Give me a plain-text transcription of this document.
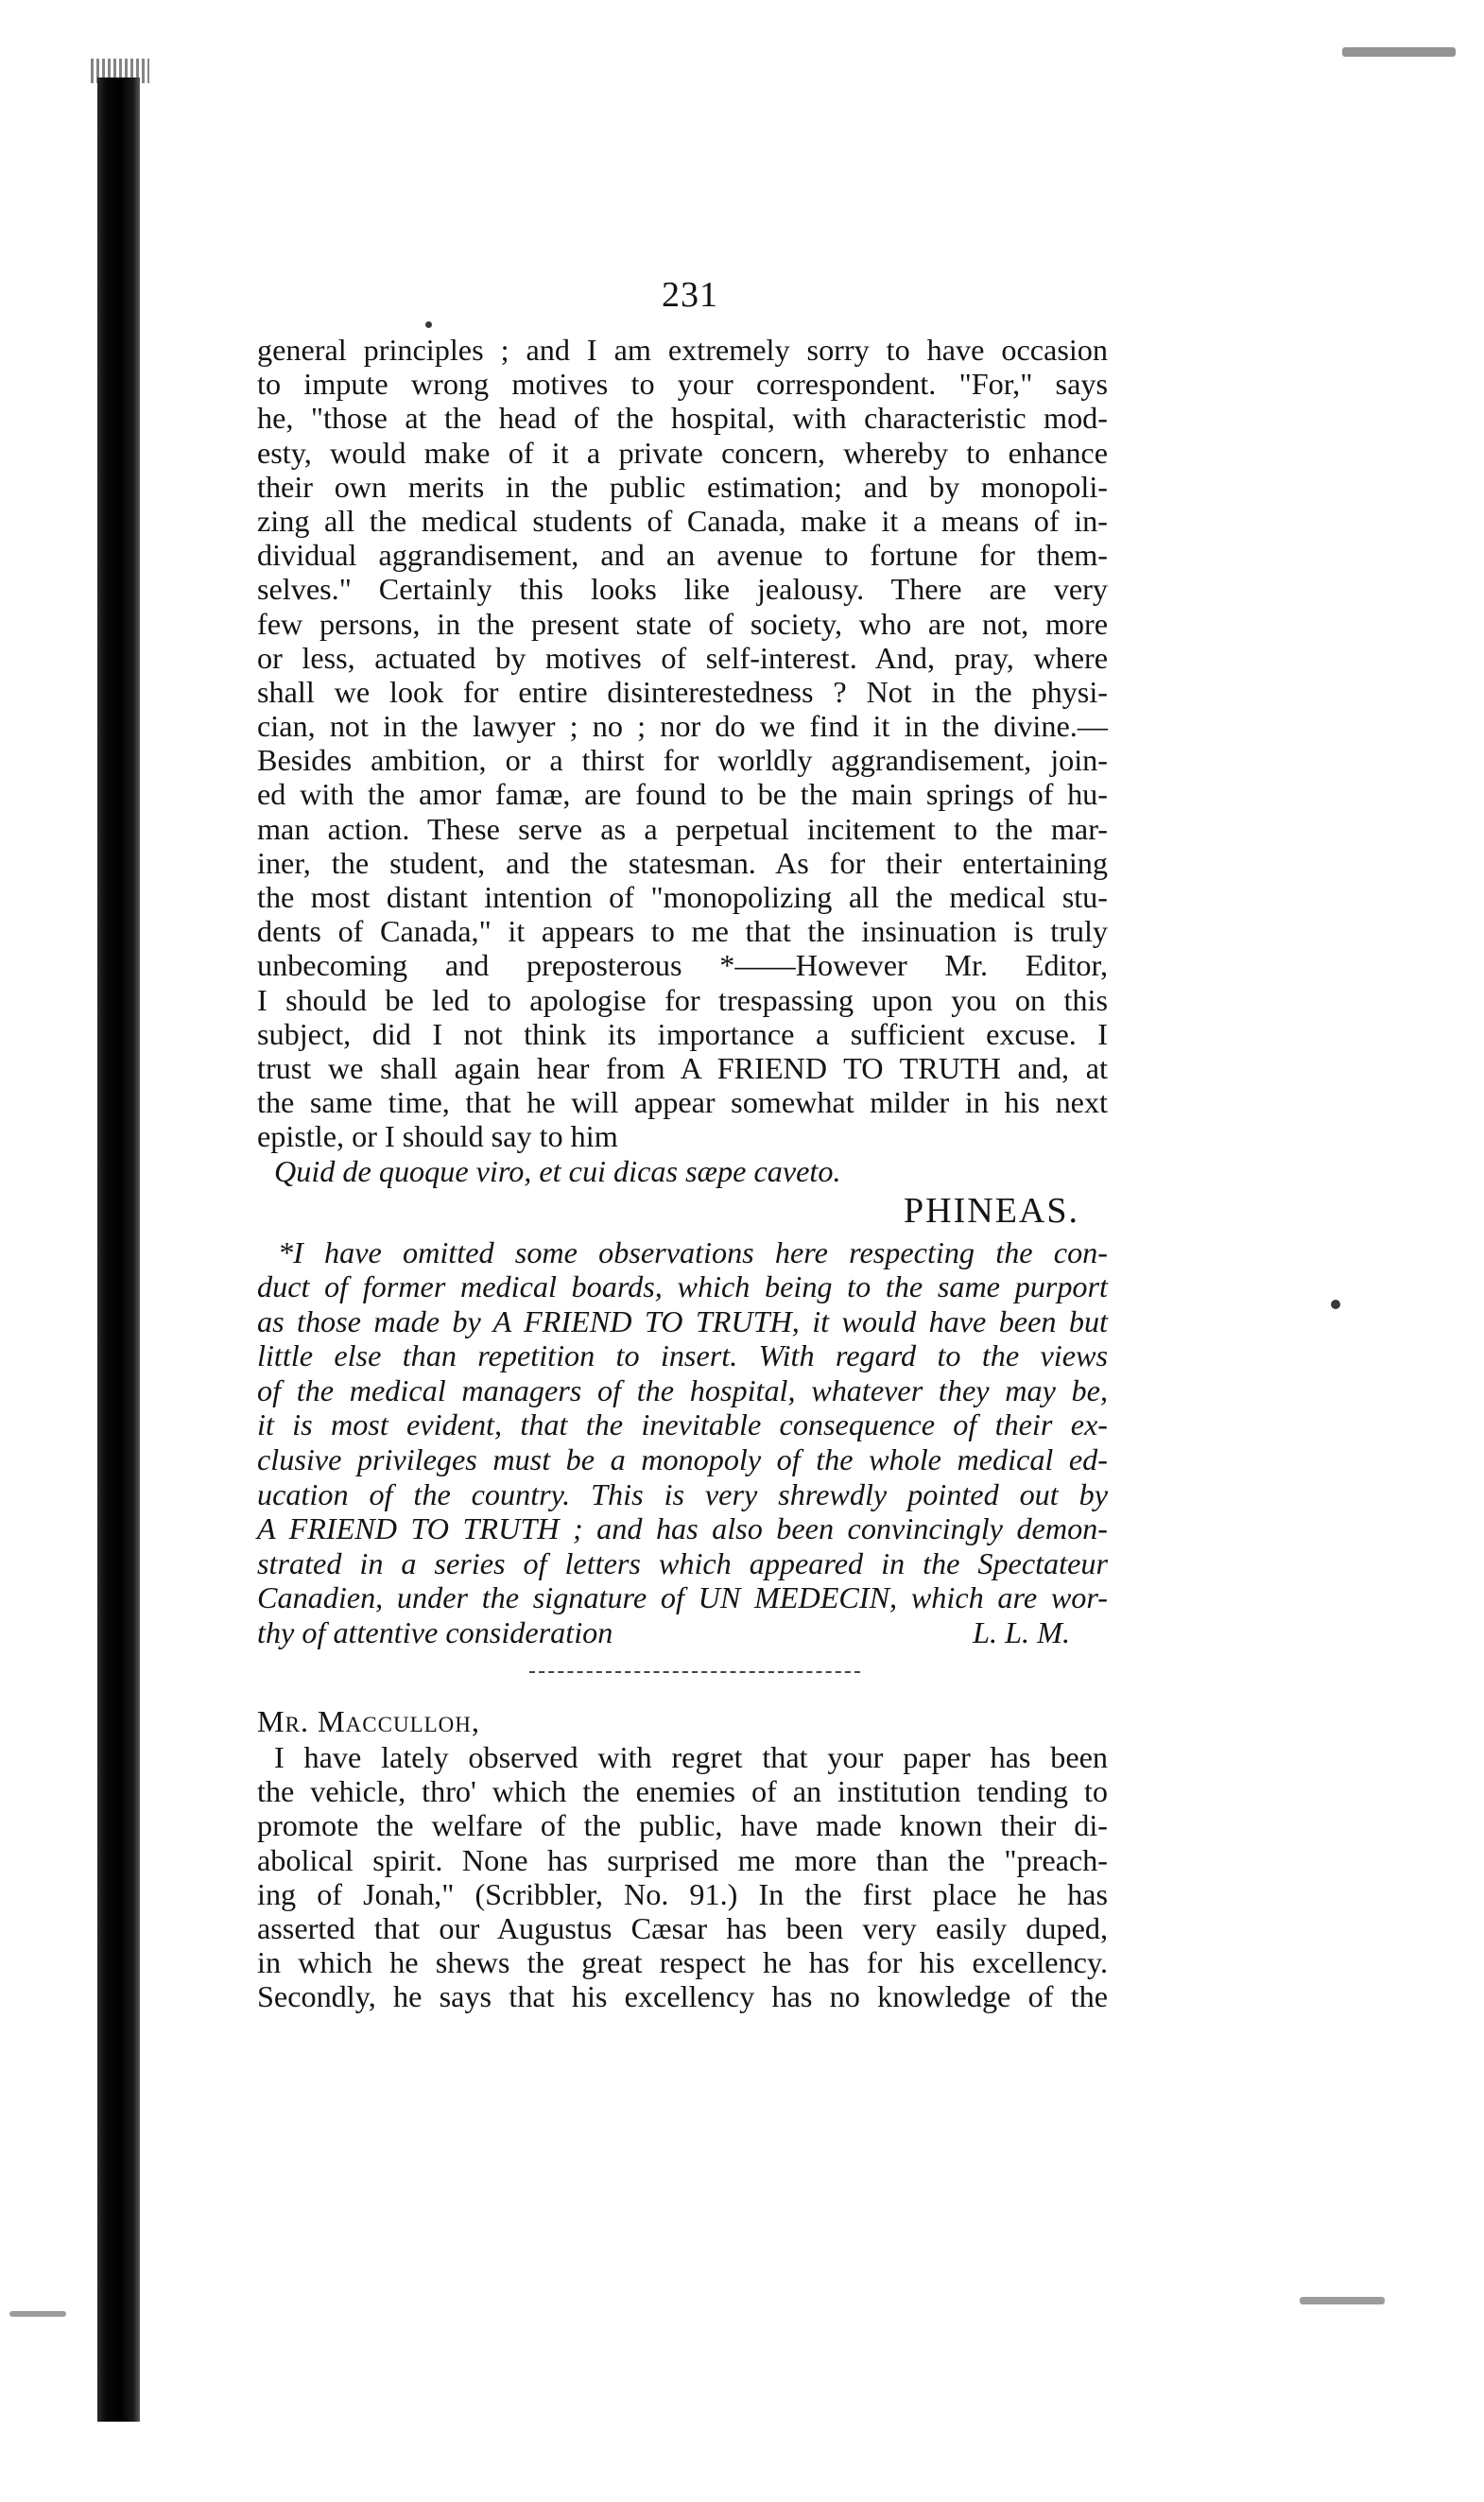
231
general principles ; and I am extremely sorry to have occasion
to impute wrong motives to your correspondent. "For," says
he, "those at the head of the hospital, with characteristic mod-
esty, would make of it a private concern, whereby to enhance
their own merits in the public estimation; and by monopoli-
zing all the medical students of Canada, make it a means of in-
dividual aggrandisement, and an avenue to fortune for them-
selves." Certainly this looks like jealousy. There are very
few persons, in the present state of society, who are not, more
or less, actuated by motives of self-interest. And, pray, where
shall we look for entire disinterestedness ? Not in the physi-
cian, not in the lawyer ; no ; nor do we find it in the divine.—
Besides ambition, or a thirst for worldly aggrandisement, join-
ed with the amor famæ, are found to be the main springs of hu-
man action. These serve as a perpetual incitement to the mar-
iner, the student, and the statesman. As for their entertaining
the most distant intention of "monopolizing all the medical stu-
dents of Canada," it appears to me that the insinuation is truly
unbecoming and preposterous *——However Mr. Editor,
I should be led to apologise for trespassing upon you on this
subject, did I not think its importance a sufficient excuse. I
trust we shall again hear from A FRIEND TO TRUTH and, at
the same time, that he will appear somewhat milder in his next
epistle, or I should say to him
Quid de quoque viro, et cui dicas sæpe caveto.
PHINEAS.
*I have omitted some observations here respecting the con-
duct of former medical boards, which being to the same purport
as those made by A FRIEND TO TRUTH, it would have been but
little else than repetition to insert. With regard to the views
of the medical managers of the hospital, whatever they may be,
it is most evident, that the inevitable consequence of their ex-
clusive privileges must be a monopoly of the whole medical ed-
ucation of the country. This is very shrewdly pointed out by
A FRIEND TO TRUTH ; and has also been convincingly demon-
strated in a series of letters which appeared in the Spectateur
Canadien, under the signature of UN MEDECIN, which are wor-
thy of attentive consideration	L. L. M.
Mr. Macculloh,
I have lately observed with regret that your paper has been
the vehicle, thro' which the enemies of an institution tending to
promote the welfare of the public, have made known their di-
abolical spirit. None has surprised me more than the "preach-
ing of Jonah," (Scribbler, No. 91.) In the first place he has
asserted that our Augustus Cæsar has been very easily duped,
in which he shews the great respect he has for his excellency.
Secondly, he says that his excellency has no knowledge of the
